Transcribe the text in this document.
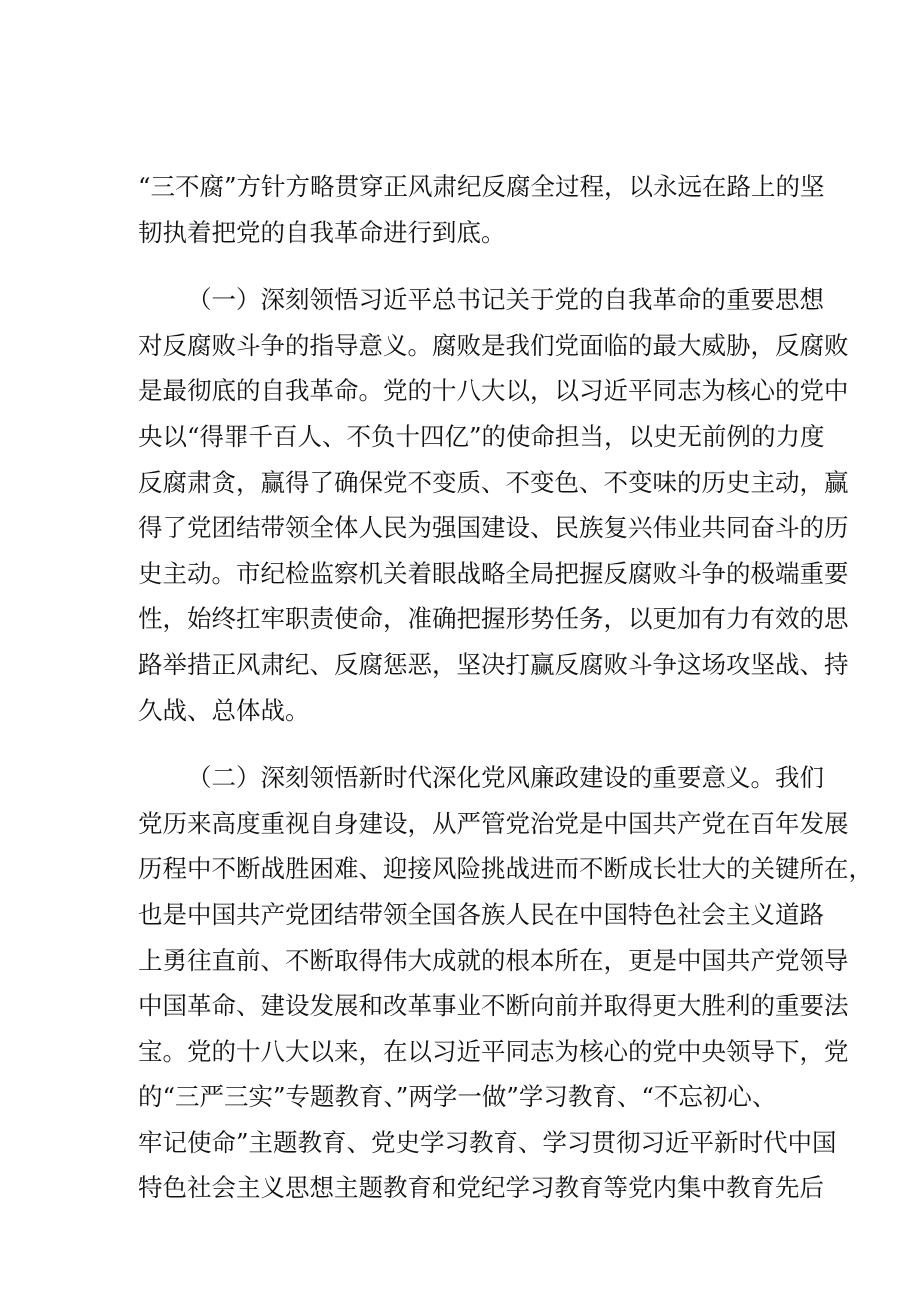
“三不腐”方针方略贯穿正风肃纪反腐全过程，以永远在路上的坚
韧执着把党的自我革命进行到底。
（一）深刻领悟习近平总书记关于党的自我革命的重要思想
对反腐败斗争的指导意义。腐败是我们党面临的最大威胁，反腐败
是最彻底的自我革命。党的十八大以，以习近平同志为核心的党中
央以“得罪千百人、不负十四亿”的使命担当，以史无前例的力度
反腐肃贪，赢得了确保党不变质、不变色、不变味的历史主动，赢
得了党团结带领全体人民为强国建设、民族复兴伟业共同奋斗的历
史主动。市纪检监察机关着眼战略全局把握反腐败斗争的极端重要
性，始终扛牢职责使命，准确把握形势任务，以更加有力有效的思
路举措正风肃纪、反腐惩恶，坚决打赢反腐败斗争这场攻坚战、持
久战、总体战。
（二）深刻领悟新时代深化党风廉政建设的重要意义。我们
党历来高度重视自身建设，从严管党治党是中国共产党在百年发展
历程中不断战胜困难、迎接风险挑战进而不断成长壮大的关键所在，
也是中国共产党团结带领全国各族人民在中国特色社会主义道路
上勇往直前、不断取得伟大成就的根本所在，更是中国共产党领导
中国革命、建设发展和改革事业不断向前并取得更大胜利的重要法
宝。党的十八大以来，在以习近平同志为核心的党中央领导下，党
的“三严三实”专题教育、”两学一做”学习教育、“不忘初心、
牢记使命”主题教育、党史学习教育、学习贯彻习近平新时代中国
特色社会主义思想主题教育和党纪学习教育等党内集中教育先后
